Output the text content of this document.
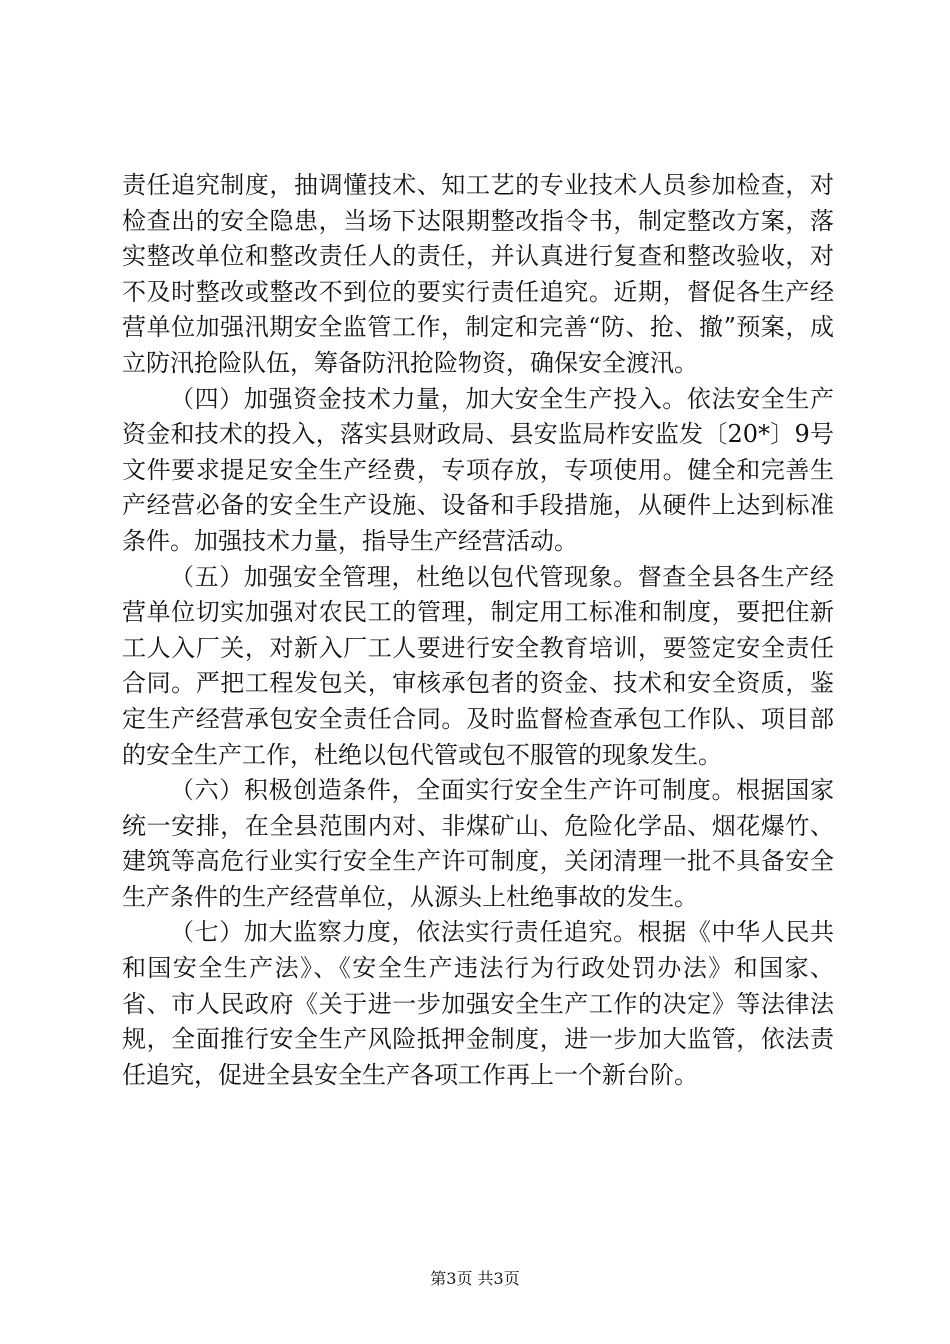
责任追究制度，抽调懂技术、知工艺的专业技术人员参加检查，对检查出的安全隐患，当场下达限期整改指令书，制定整改方案，落实整改单位和整改责任人的责任，并认真进行复查和整改验收，对不及时整改或整改不到位的要实行责任追究。近期，督促各生产经营单位加强汛期安全监管工作，制定和完善“防、抢、撤”预案，成立防汛抢险队伍，筹备防汛抢险物资，确保安全渡汛。

（四）加强资金技术力量，加大安全生产投入。依法安全生产资金和技术的投入，落实县财政局、县安监局柞安监发〔20*〕9号文件要求提足安全生产经费，专项存放，专项使用。健全和完善生产经营必备的安全生产设施、设备和手段措施，从硬件上达到标准条件。加强技术力量，指导生产经营活动。

（五）加强安全管理，杜绝以包代管现象。督查全县各生产经营单位切实加强对农民工的管理，制定用工标准和制度，要把住新工人入厂关，对新入厂工人要进行安全教育培训，要签定安全责任合同。严把工程发包关，审核承包者的资金、技术和安全资质，鉴定生产经营承包安全责任合同。及时监督检查承包工作队、项目部的安全生产工作，杜绝以包代管或包不服管的现象发生。

（六）积极创造条件，全面实行安全生产许可制度。根据国家统一安排，在全县范围内对、非煤矿山、危险化学品、烟花爆竹、建筑等高危行业实行安全生产许可制度，关闭清理一批不具备安全生产条件的生产经营单位，从源头上杜绝事故的发生。

（七）加大监察力度，依法实行责任追究。根据《中华人民共和国安全生产法》、《安全生产违法行为行政处罚办法》和国家、省、市人民政府《关于进一步加强安全生产工作的决定》等法律法规，全面推行安全生产风险抵押金制度，进一步加大监管，依法责任追究，促进全县安全生产各项工作再上一个新台阶。

第3页 共3页
